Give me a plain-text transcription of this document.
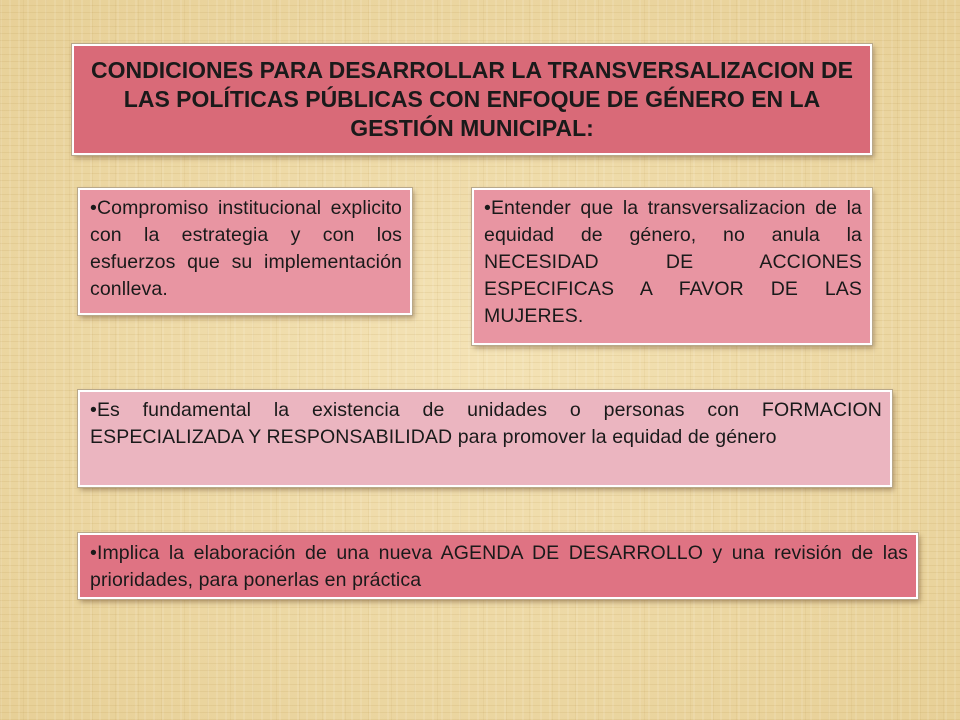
CONDICIONES PARA DESARROLLAR LA TRANSVERSALIZACION DE LAS POLÍTICAS PÚBLICAS CON ENFOQUE DE GÉNERO EN LA GESTIÓN MUNICIPAL:
•Compromiso institucional explicito con la estrategia y con los esfuerzos que su implementación conlleva.
•Entender que la transversalizacion de la equidad de género, no anula la NECESIDAD DE ACCIONES ESPECIFICAS A FAVOR DE LAS MUJERES.
•Es fundamental la existencia de unidades o personas con FORMACION ESPECIALIZADA Y RESPONSABILIDAD para promover la equidad de género
•Implica la elaboración de una nueva AGENDA DE DESARROLLO y una revisión de las prioridades, para ponerlas en práctica
